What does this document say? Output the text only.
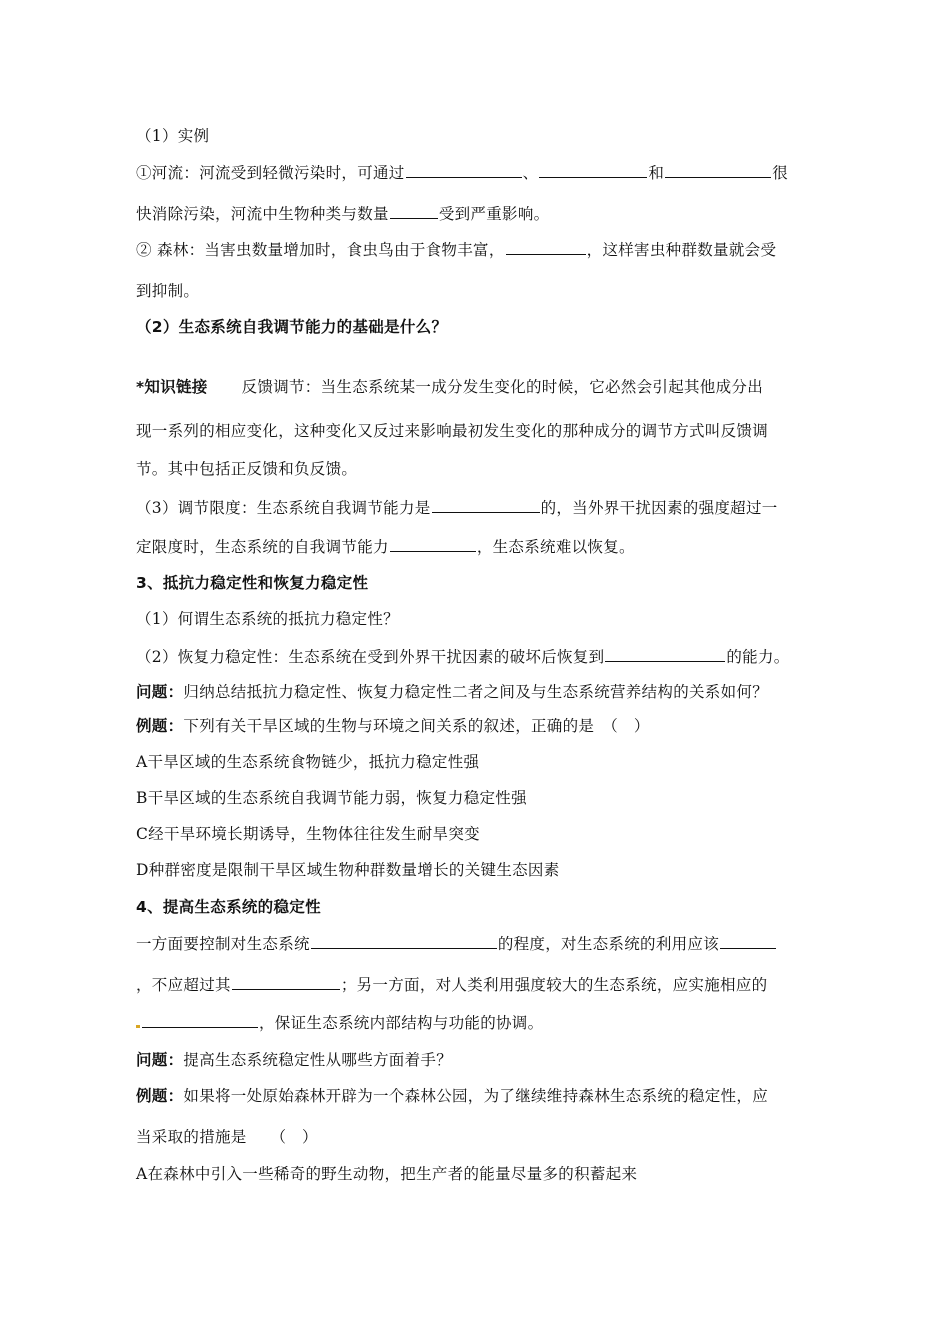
（1）实例
①河流：河流受到轻微污染时，可通过	、	和	很
快消除污染，河流中生物种类与数量	受到严重影响。
② 森林：当害虫数量增加时，食虫鸟由于食物丰富，	，这样害虫种群数量就会受
到抑制。
（2）生态系统自我调节能力的基础是什么？
*知识链接 反馈调节：当生态系统某一成分发生变化的时候，它必然会引起其他成分出
现一系列的相应变化，这种变化又反过来影响最初发生变化的那种成分的调节方式叫反馈调
节。其中包括正反馈和负反馈。
（3）调节限度：生态系统自我调节能力是	的，当外界干扰因素的强度超过一
定限度时，生态系统的自我调节能力	，生态系统难以恢复。
3、抵抗力稳定性和恢复力稳定性
（1）何谓生态系统的抵抗力稳定性？
（2）恢复力稳定性：生态系统在受到外界干扰因素的破坏后恢复到	的能力。
问题：归纳总结抵抗力稳定性、恢复力稳定性二者之间及与生态系统营养结构的关系如何？
例题：下列有关干旱区域的生物与环境之间关系的叙述，正确的是　（　）
A干旱区域的生态系统食物链少，抵抗力稳定性强
B干旱区域的生态系统自我调节能力弱，恢复力稳定性强
C经干旱环境长期诱导，生物体往往发生耐旱突变
D种群密度是限制干旱区域生物种群数量增长的关键生态因素
4、提高生态系统的稳定性
一方面要控制对生态系统	的程度，对生态系统的利用应该
，不应超过其	；另一方面，对人类利用强度较大的生态系统，应实施相应的
，保证生态系统内部结构与功能的协调。
问题：提高生态系统稳定性从哪些方面着手？
例题：如果将一处原始森林开辟为一个森林公园，为了继续维持森林生态系统的稳定性，应
当采取的措施是　　（　）
A在森林中引入一些稀奇的野生动物，把生产者的能量尽量多的积蓄起来
